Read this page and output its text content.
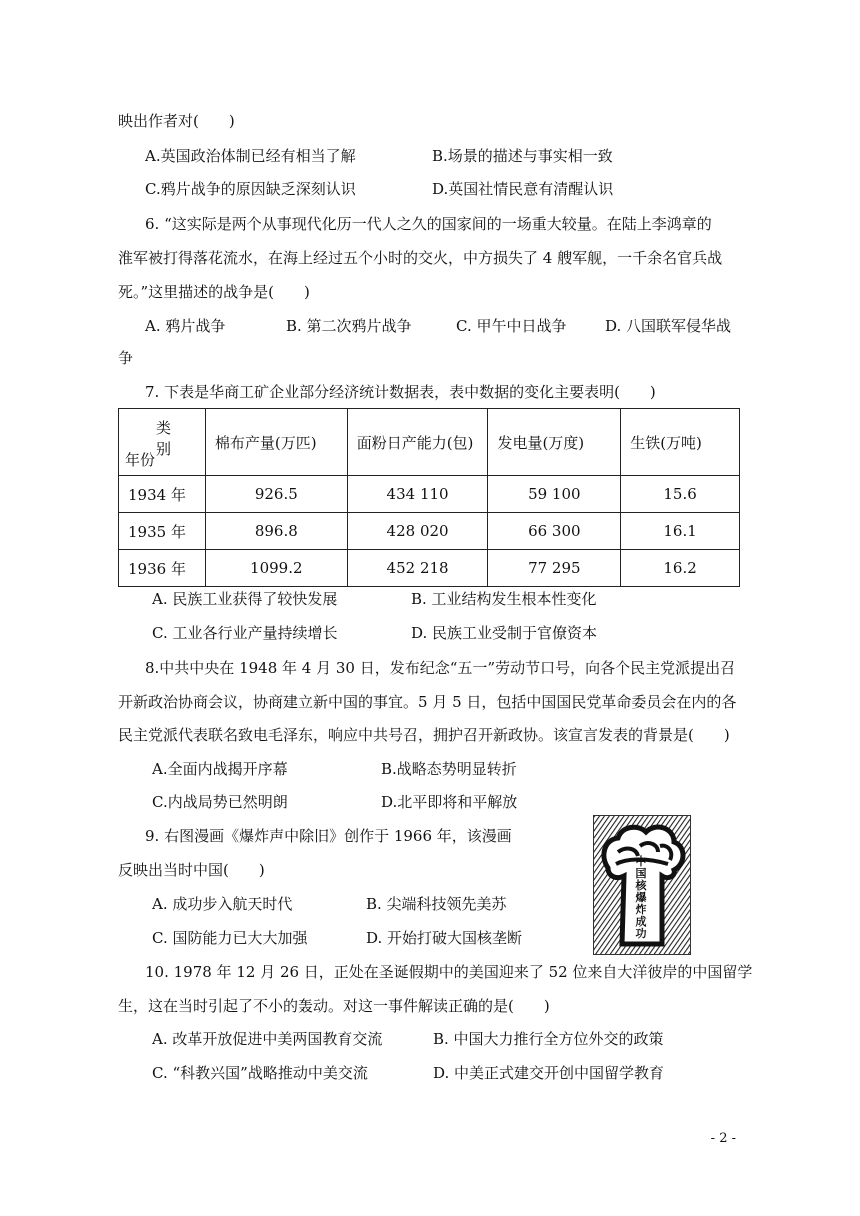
映出作者对(　　)
A.英国政治体制已经有相当了解	B.场景的描述与事实相一致
C.鸦片战争的原因缺乏深刻认识	D.英国社情民意有清醒认识
6. “这实际是两个从事现代化历一代人之久的国家间的一场重大较量。在陆上李鸿章的
淮军被打得落花流水，在海上经过五个小时的交火，中方损失了 4 艘军舰，一千余名官兵战
死。”这里描述的战争是(　　)
A. 鸦片战争	B. 第二次鸦片战争	C. 甲午中日战争	D. 八国联军侵华战
争
7. 下表是华商工矿企业部分经济统计数据表，表中数据的变化主要表明(　　)
类别
年份	棉布产量(万匹)	面粉日产能力(包)	发电量(万度)	生铁(万吨)
1934 年	926.5	434 110	59 100	15.6
1935 年	896.8	428 020	66 300	16.1
1936 年	1099.2	452 218	77 295	16.2
A. 民族工业获得了较快发展	B. 工业结构发生根本性变化
C. 工业各行业产量持续增长	D. 民族工业受制于官僚资本
8.中共中央在 1948 年 4 月 30 日，发布纪念“五一”劳动节口号，向各个民主党派提出召
开新政治协商会议，协商建立新中国的事宜。5 月 5 日，包括中国国民党革命委员会在内的各
民主党派代表联名致电毛泽东，响应中共号召，拥护召开新政协。该宣言发表的背景是(　　)
A.全面内战揭开序幕	B.战略态势明显转折
C.内战局势已然明朗	D.北平即将和平解放
9. 右图漫画《爆炸声中除旧》创作于 1966 年，该漫画
反映出当时中国(　　)
A. 成功步入航天时代	B. 尖端科技领先美苏
C. 国防能力已大大加强	D. 开始打破大国核垄断
中国核爆炸成功
10. 1978 年 12 月 26 日，正处在圣诞假期中的美国迎来了 52 位来自大洋彼岸的中国留学
生，这在当时引起了不小的轰动。对这一事件解读正确的是(　　)
A. 改革开放促进中美两国教育交流	B. 中国大力推行全方位外交的政策
C. “科教兴国”战略推动中美交流	D. 中美正式建交开创中国留学教育
- 2 -
